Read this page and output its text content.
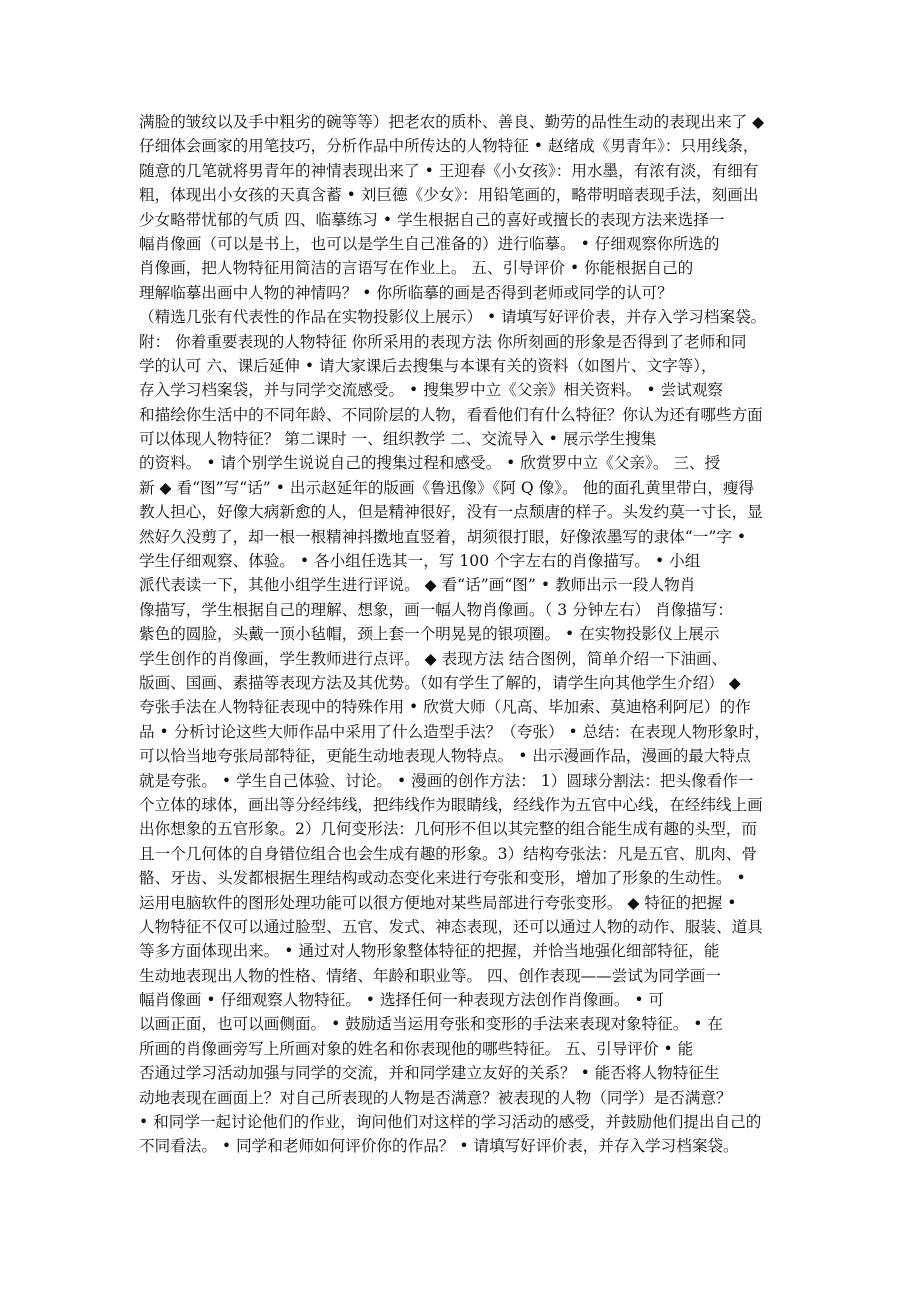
满脸的皱纹以及手中粗劣的碗等等）把老农的质朴、善良、勤劳的品性生动的表现出来了 ◆
仔细体会画家的用笔技巧，分析作品中所传达的人物特征 • 赵绪成《男青年》：只用线条，
随意的几笔就将男青年的神情表现出来了 • 王迎春《小女孩》：用水墨，有浓有淡，有细有
粗，体现出小女孩的天真含蓄 • 刘巨德《少女》：用铅笔画的，略带明暗表现手法，刻画出
少女略带忧郁的气质 四、临摹练习 • 学生根据自己的喜好或擅长的表现方法来选择一
幅肖像画（可以是书上，也可以是学生自己准备的）进行临摹。 • 仔细观察你所选的
肖像画，把人物特征用简洁的言语写在作业上。 五、引导评价 • 你能根据自己的
理解临摹出画中人物的神情吗？ • 你所临摹的画是否得到老师或同学的认可？
（精选几张有代表性的作品在实物投影仪上展示） • 请填写好评价表，并存入学习档案袋。
附： 你着重要表现的人物特征 你所采用的表现方法 你所刻画的形象是否得到了老师和同
学的认可 六、课后延伸 • 请大家课后去搜集与本课有关的资料（如图片、文字等），
存入学习档案袋，并与同学交流感受。 • 搜集罗中立《父亲》相关资料。 • 尝试观察
和描绘你生活中的不同年龄、不同阶层的人物，看看他们有什么特征？你认为还有哪些方面
可以体现人物特征？ 第二课时 一、组织教学 二、交流导入 • 展示学生搜集
的资料。 • 请个别学生说说自己的搜集过程和感受。 • 欣赏罗中立《父亲》。 三、授
新 ◆ 看“图”写“话” • 出示赵延年的版画《鲁迅像》《阿 Q 像》。 他的面孔黄里带白，瘦得
教人担心，好像大病新愈的人，但是精神很好，没有一点颓唐的样子。头发约莫一寸长，显
然好久没剪了，却一根一根精神抖擞地直竖着，胡须很打眼，好像浓墨写的隶体“一”字 •
学生仔细观察、体验。 • 各小组任选其一，写 100 个字左右的肖像描写。 • 小组
派代表读一下，其他小组学生进行评说。 ◆ 看“话”画“图” • 教师出示一段人物肖
像描写，学生根据自己的理解、想象，画一幅人物肖像画。（ 3 分钟左右） 肖像描写：
紫色的圆脸，头戴一顶小毡帽，颈上套一个明晃晃的银项圈。 • 在实物投影仪上展示
学生创作的肖像画，学生教师进行点评。 ◆ 表现方法 结合图例，简单介绍一下油画、
版画、国画、素描等表现方法及其优势。（如有学生了解的，请学生向其他学生介绍） ◆
夸张手法在人物特征表现中的特殊作用 • 欣赏大师（凡高、毕加索、莫迪格利阿尼）的作
品 • 分析讨论这些大师作品中采用了什么造型手法？（夸张） • 总结：在表现人物形象时，
可以恰当地夸张局部特征，更能生动地表现人物特点。 • 出示漫画作品，漫画的最大特点
就是夸张。 • 学生自己体验、讨论。 • 漫画的创作方法： 1）圆球分割法：把头像看作一
个立体的球体，画出等分经纬线，把纬线作为眼睛线，经线作为五官中心线，在经纬线上画
出你想象的五官形象。2）几何变形法：几何形不但以其完整的组合能生成有趣的头型，而
且一个几何体的自身错位组合也会生成有趣的形象。3）结构夸张法：凡是五官、肌肉、骨
骼、牙齿、头发都根据生理结构或动态变化来进行夸张和变形，增加了形象的生动性。 •
运用电脑软件的图形处理功能可以很方便地对某些局部进行夸张变形。 ◆ 特征的把握 •
人物特征不仅可以通过脸型、五官、发式、神态表现，还可以通过人物的动作、服装、道具
等多方面体现出来。 • 通过对人物形象整体特征的把握，并恰当地强化细部特征，能
生动地表现出人物的性格、情绪、年龄和职业等。 四、创作表现——尝试为同学画一
幅肖像画 • 仔细观察人物特征。 • 选择任何一种表现方法创作肖像画。 • 可
以画正面，也可以画侧面。 • 鼓励适当运用夸张和变形的手法来表现对象特征。 • 在
所画的肖像画旁写上所画对象的姓名和你表现他的哪些特征。 五、引导评价 • 能
否通过学习活动加强与同学的交流，并和同学建立友好的关系？ • 能否将人物特征生
动地表现在画面上？对自己所表现的人物是否满意？被表现的人物（同学）是否满意？
• 和同学一起讨论他们的作业，询问他们对这样的学习活动的感受，并鼓励他们提出自己的
不同看法。 • 同学和老师如何评价你的作品？ • 请填写好评价表，并存入学习档案袋。
